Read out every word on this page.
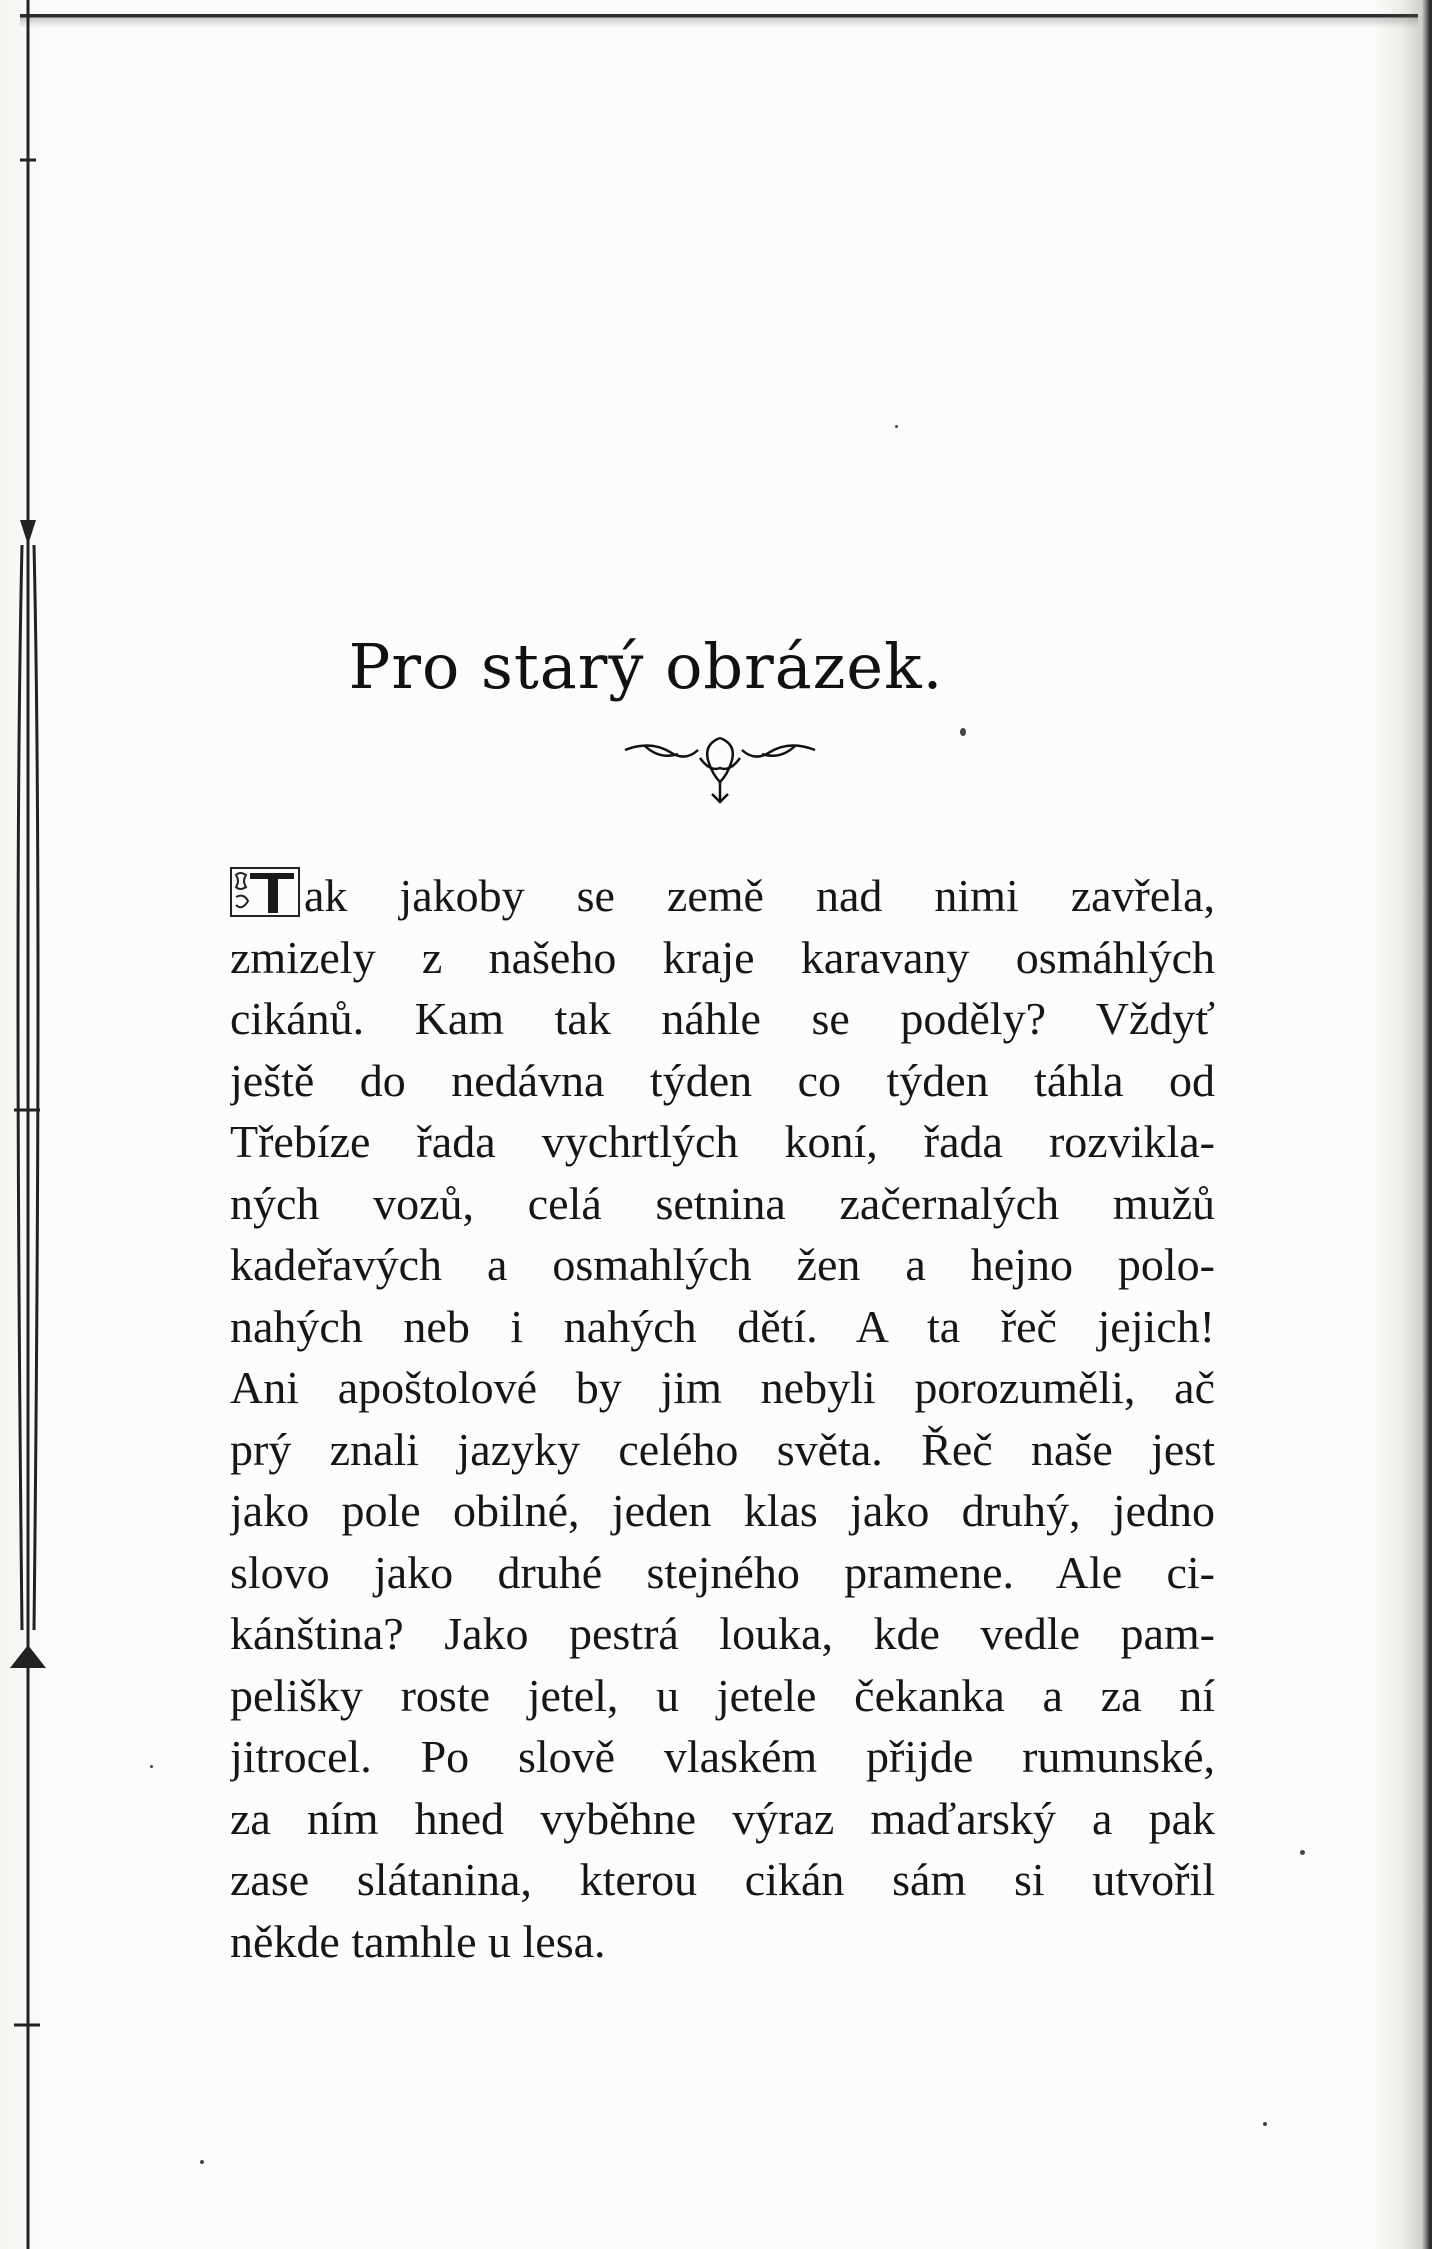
Pro starý obrázek.
ak jakoby se země nad nimi zavřela,
zmizely z našeho kraje karavany osmáhlých
cikánů. Kam tak náhle se poděly? Vždyť
ještě do nedávna týden co týden táhla od
Třebíze řada vychrtlých koní, řada rozvikla-
ných vozů, celá setnina začernalých mužů
kadeřavých a osmahlých žen a hejno polo-
nahých neb i nahých dětí. A ta řeč jejich!
Ani apoštolové by jim nebyli porozuměli, ač
prý znali jazyky celého světa. Řeč naše jest
jako pole obilné, jeden klas jako druhý, jedno
slovo jako druhé stejného pramene. Ale ci-
kánština? Jako pestrá louka, kde vedle pam-
pelišky roste jetel, u jetele čekanka a za ní
jitrocel. Po slově vlaském přijde rumunské,
za ním hned vyběhne výraz maďarský a pak
zase slátanina, kterou cikán sám si utvořil
někde tamhle u lesa.
